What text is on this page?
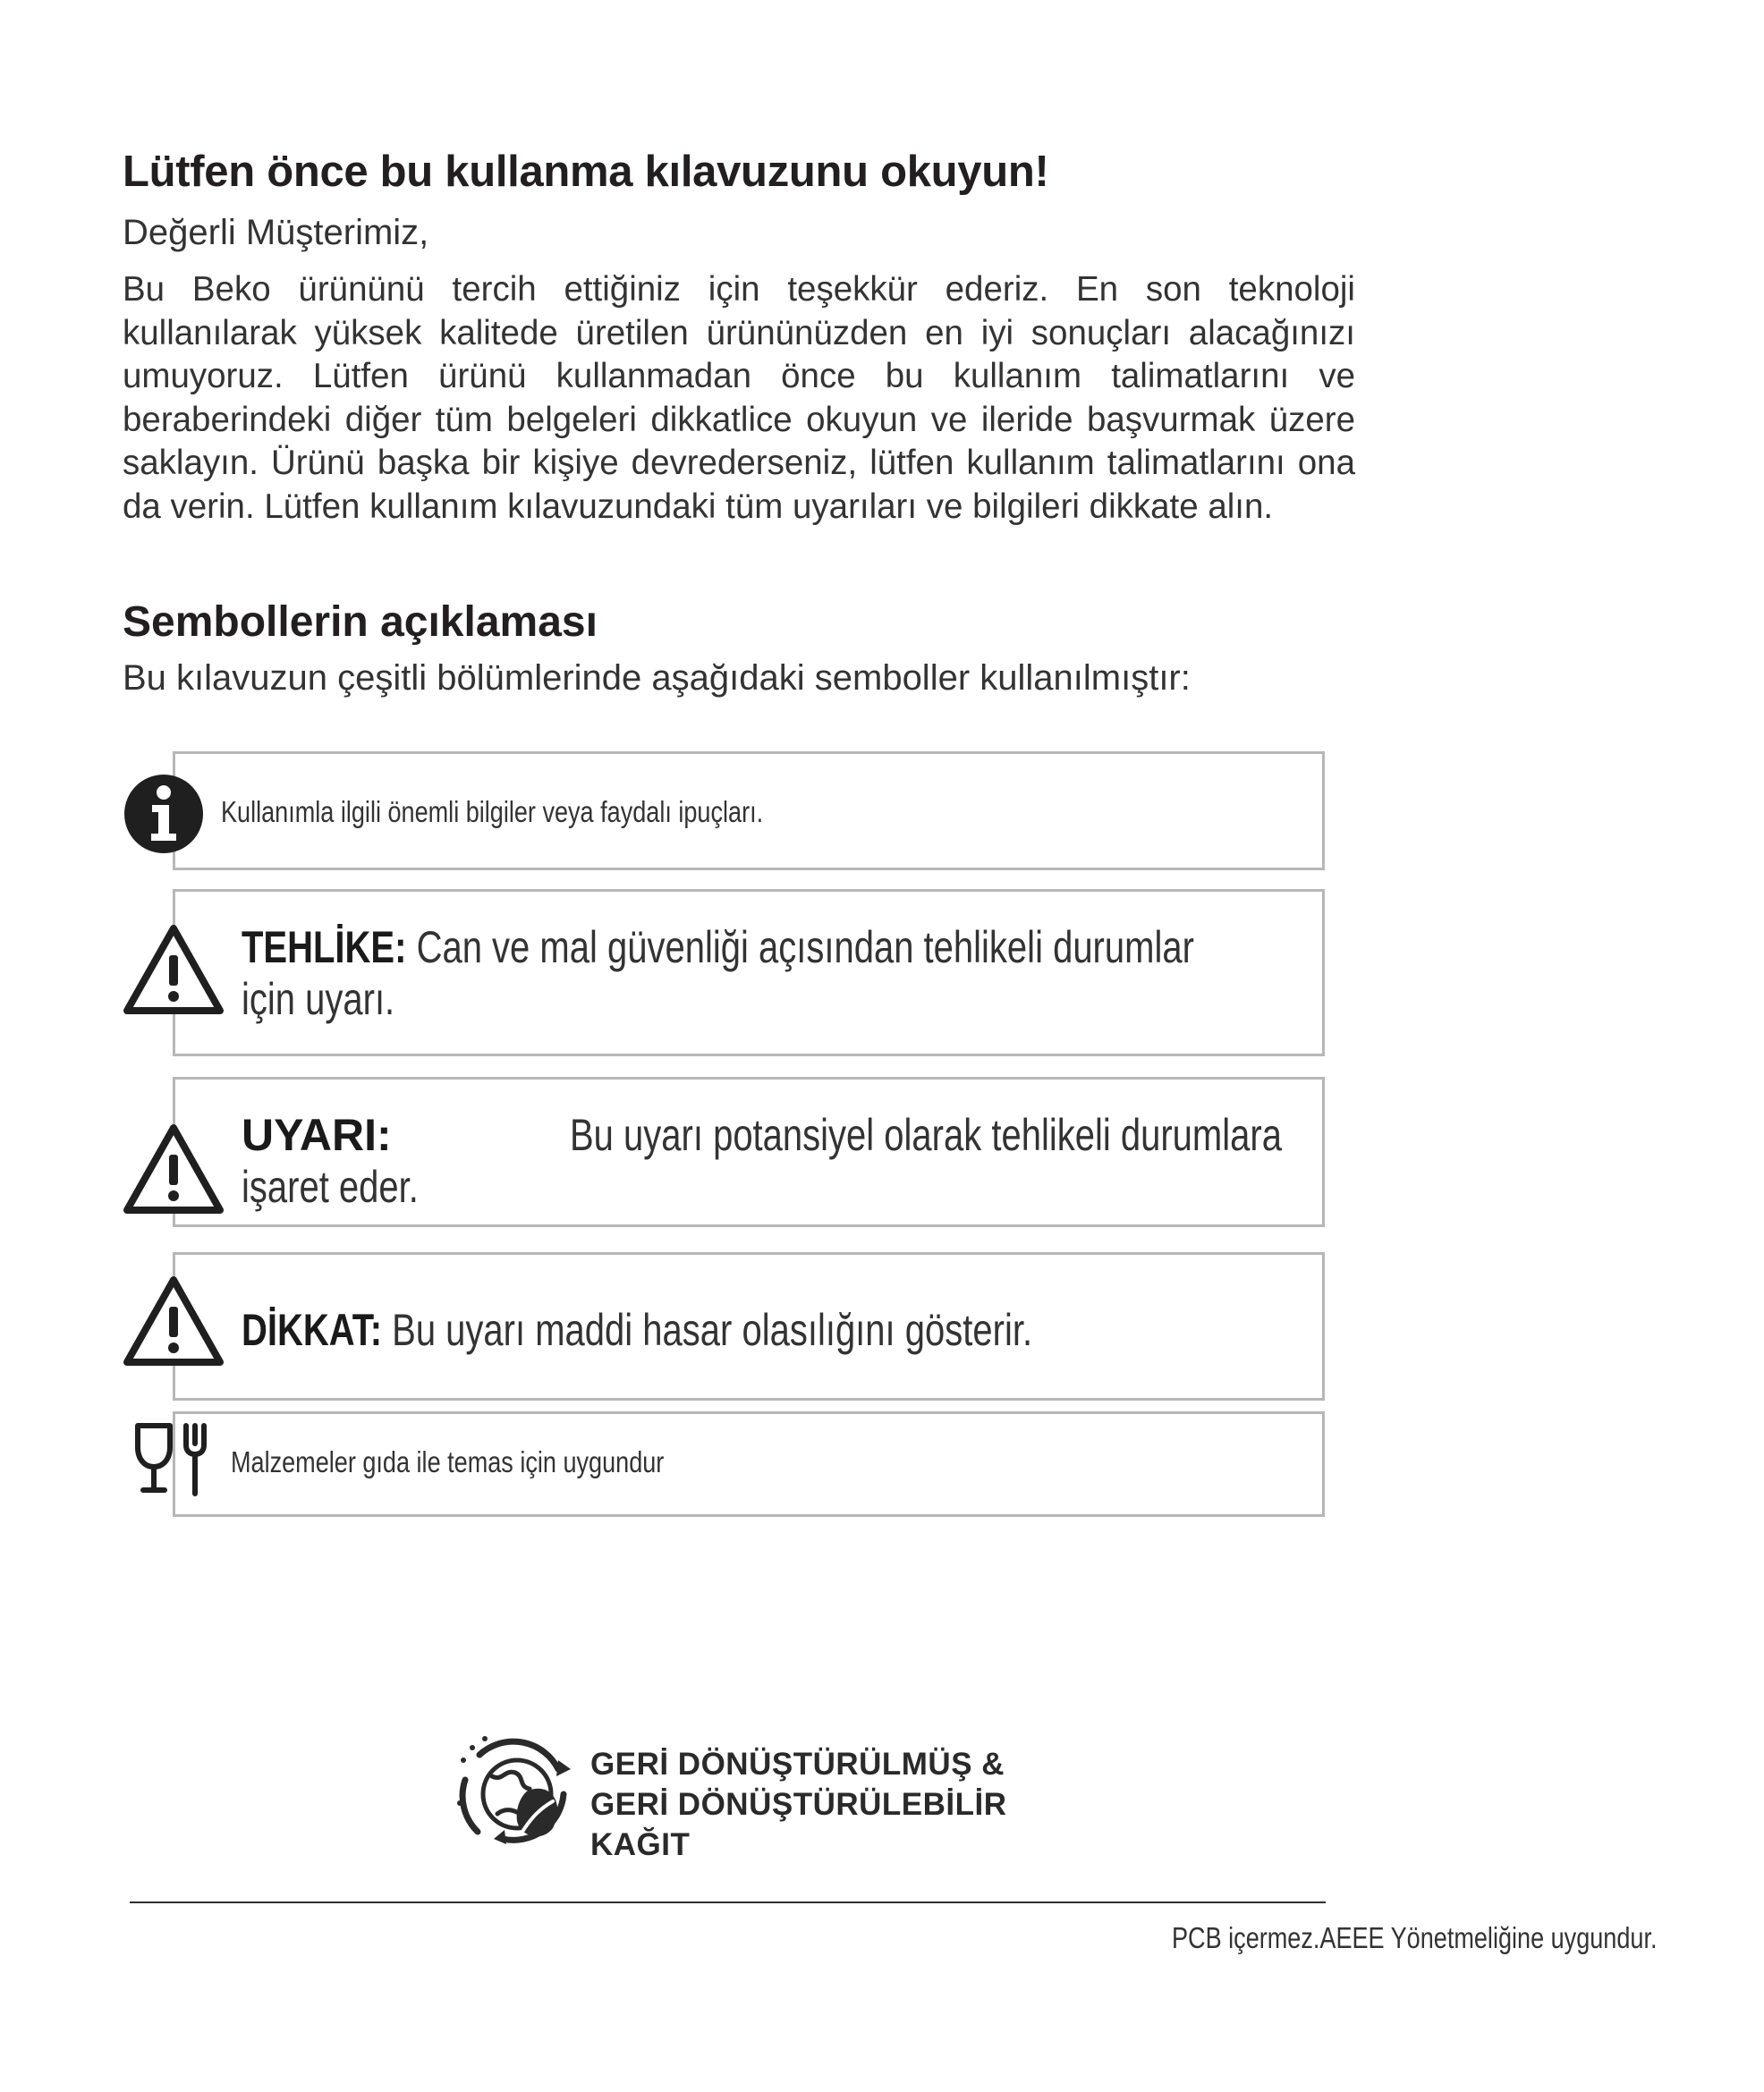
Lütfen önce bu kullanma kılavuzunu okuyun!
Değerli Müşterimiz,

Bu Beko ürününü tercih ettiğiniz için teşekkür ederiz. En son teknoloji kullanılarak yüksek kalitede üretilen ürününüzden en iyi sonuçları alacağınızı umuyoruz. Lütfen ürünü kullanmadan önce bu kullanım talimatlarını ve beraberindeki diğer tüm belgeleri dikkatlice okuyun ve ileride başvurmak üzere saklayın. Ürünü başka bir kişiye devrederseniz, lütfen kullanım talimatlarını ona da verin. Lütfen kullanım kılavuzundaki tüm uyarıları ve bilgileri dikkate alın.

Sembollerin açıklaması
Bu kılavuzun çeşitli bölümlerinde aşağıdaki semboller kullanılmıştır:
Kullanımla ilgili önemli bilgiler veya faydalı ipuçları.
TEHLİKE: Can ve mal güvenliği açısından tehlikeli durumlar
için uyarı.
UYARI:	Bu uyarı potansiyel olarak tehlikeli durumlara
işaret eder.
DİKKAT: Bu uyarı maddi hasar olasılığını gösterir.
Malzemeler gıda ile temas için uygundur
GERİ DÖNÜŞTÜRÜLMÜŞ &
GERİ DÖNÜŞTÜRÜLEBİLİR
KAĞIT
PCB içermez.AEEE Yönetmeliğine uygundur.
